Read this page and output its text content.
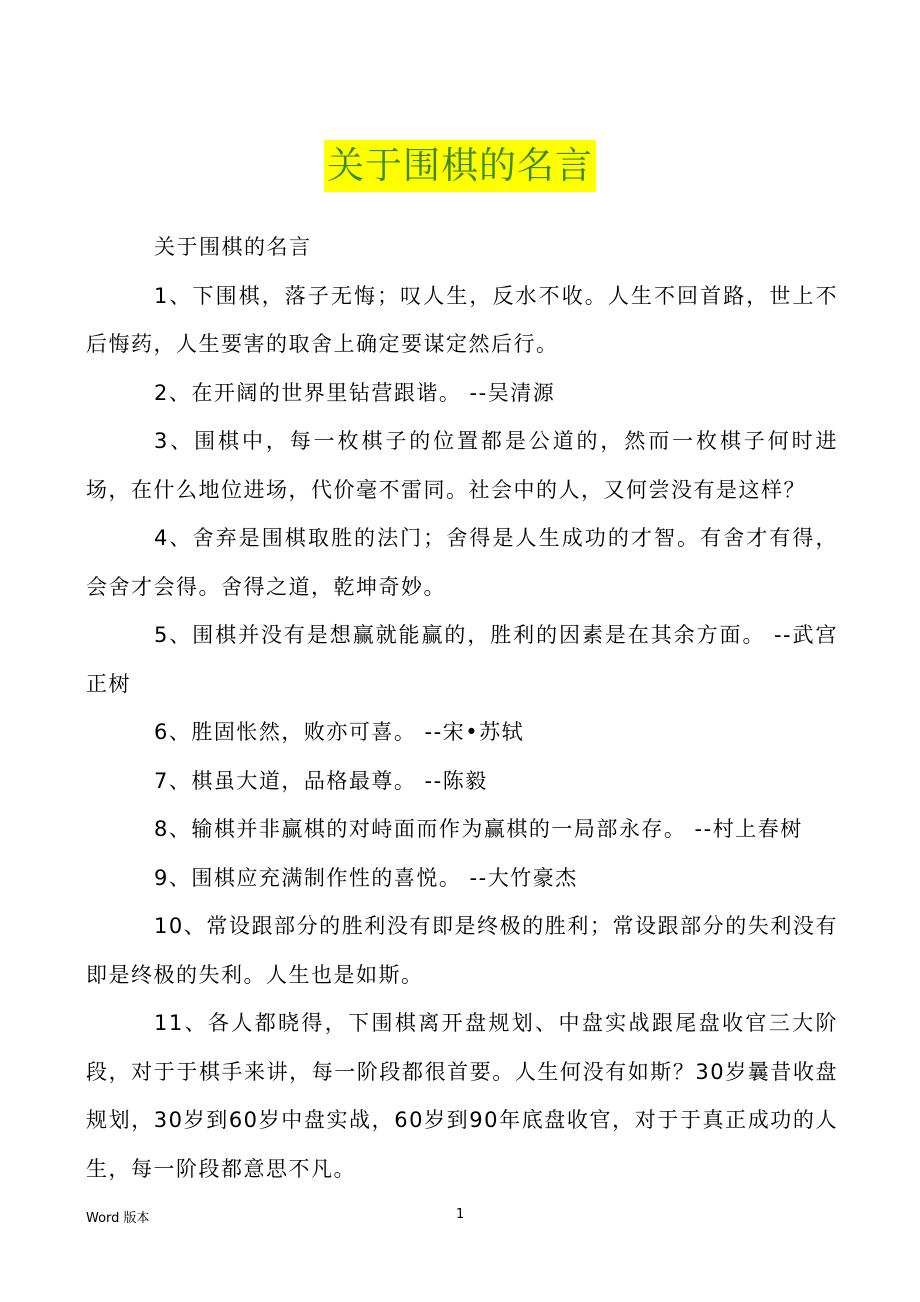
关于围棋的名言

关于围棋的名言

1、下围棋，落子无悔；叹人生，反水不收。人生不回首路，世上不后悔药，人生要害的取舍上确定要谋定然后行。

2、在开阔的世界里钻营跟谐。 --吴清源

3、围棋中，每一枚棋子的位置都是公道的，然而一枚棋子何时进场，在什么地位进场，代价毫不雷同。社会中的人，又何尝没有是这样？

4、舍弃是围棋取胜的法门；舍得是人生成功的才智。有舍才有得，会舍才会得。舍得之道，乾坤奇妙。

5、围棋并没有是想赢就能赢的，胜利的因素是在其余方面。 --武宫正树

6、胜固怅然，败亦可喜。 --宋•苏轼

7、棋虽大道，品格最尊。 --陈毅

8、输棋并非赢棋的对峙面而作为赢棋的一局部永存。 --村上春树

9、围棋应充满制作性的喜悦。 --大竹豪杰

10、常设跟部分的胜利没有即是终极的胜利；常设跟部分的失利没有即是终极的失利。人生也是如斯。

11、各人都晓得，下围棋离开盘规划、中盘实战跟尾盘收官三大阶段，对于于棋手来讲，每一阶段都很首要。人生何没有如斯？30岁曩昔收盘规划，30岁到60岁中盘实战，60岁到90年底盘收官，对于于真正成功的人生，每一阶段都意思不凡。

Word 版本	1
